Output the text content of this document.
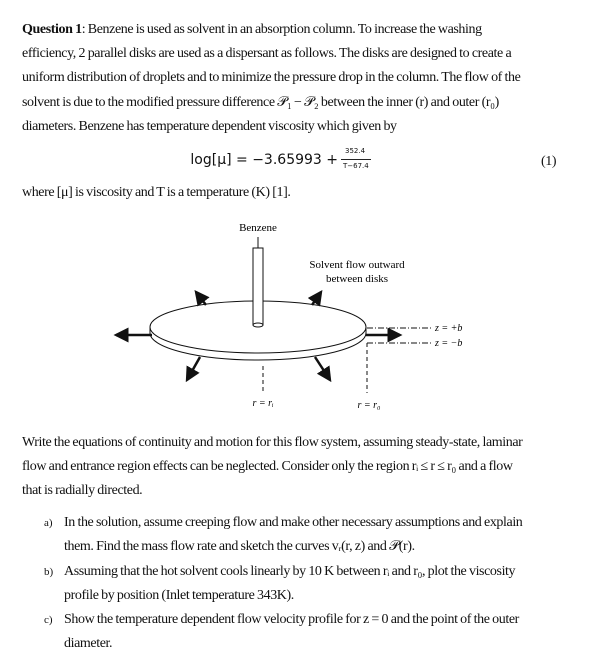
Question 1: Benzene is used as solvent in an absorption column. To increase the washing
efficiency, 2 parallel disks are used as a dispersant as follows. The disks are designed to create a
uniform distribution of droplets and to minimize the pressure drop in the column. The flow of the
solvent is due to the modified pressure difference 𝒫₁ − 𝒫₂ between the inner (r) and outer (r₀)
diameters. Benzene has temperature dependent viscosity which given by
log[μ] = −3.65993 +
352.4
T−67.4	(1)
where [μ] is viscosity and T is a temperature (K) [1].
Benzene
Solvent flow outward
between disks
z = +b
z = −b
r = rᵢ	r = r₀
Write the equations of continuity and motion for this flow system, assuming steady-state, laminar
flow and entrance region effects can be neglected. Consider only the region rᵢ ≤ r ≤ r₀ and a flow
that is radially directed.
a) In the solution, assume creeping flow and make other necessary assumptions and explain
them. Find the mass flow rate and sketch the curves vᵣ(r, z) and 𝒫(r).
b) Assuming that the hot solvent cools linearly by 10 K between rᵢ and r₀, plot the viscosity
profile by position (Inlet temperature 343K).
c) Show the temperature dependent flow velocity profile for z = 0 and the point of the outer
diameter.
